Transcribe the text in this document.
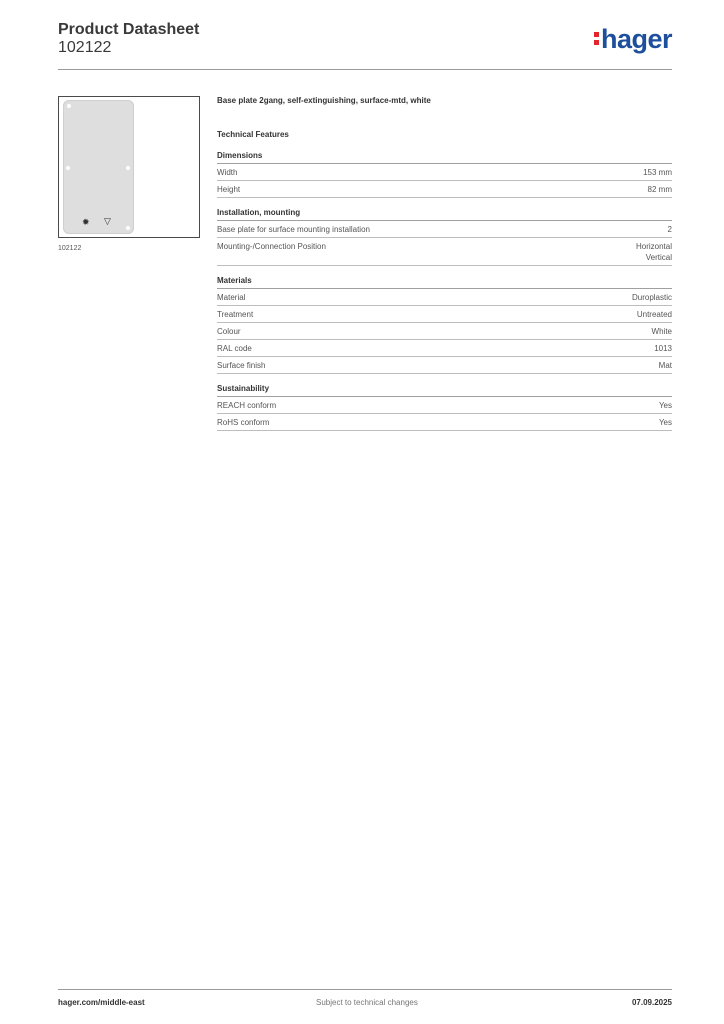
Product Datasheet
102122	hager
✹ ▽
102122
Base plate 2gang, self-extinguishing, surface-mtd, white
Technical Features
Dimensions
Width	153 mm
Height	82 mm
Installation, mounting
Base plate for surface mounting installation	2
Mounting-/Connection Position	Horizontal
Vertical
Materials
Material	Duroplastic
Treatment	Untreated
Colour	White
RAL code	1013
Surface finish	Mat
Sustainability
REACH conform	Yes
RoHS conform	Yes
hager.com/middle-east	Subject to technical changes	07.09.2025
